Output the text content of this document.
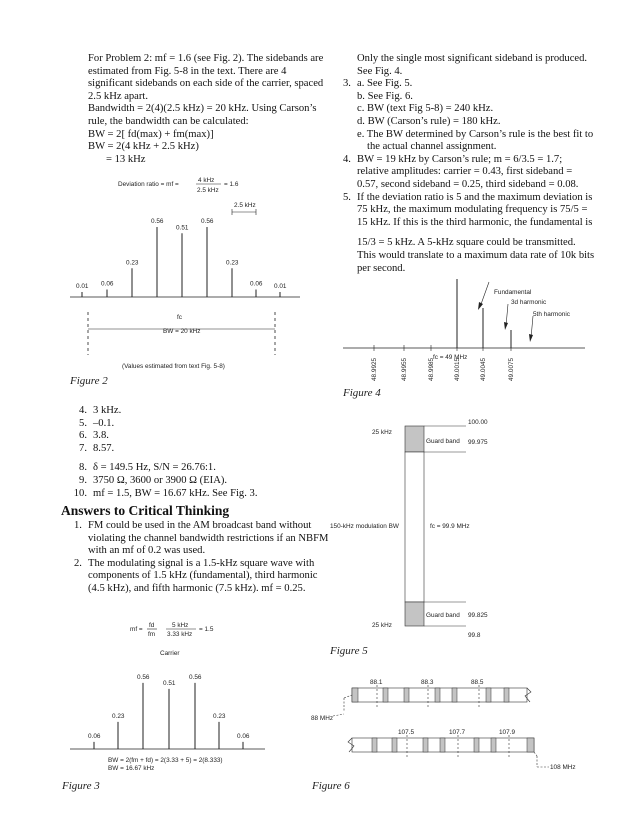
For Problem 2: mf = 1.6 (see Fig. 2). The sidebands are
estimated from Fig. 5-8 in the text. There are 4
significant sidebands on each side of the carrier, spaced
2.5 kHz apart.
Bandwidth = 2(4)(2.5 kHz) = 20 kHz. Using Carson’s
rule, the bandwidth can be calculated:
BW = 2[ fd(max) + fm(max)]
BW = 2(4 kHz + 2.5 kHz)
= 13 kHz
Only the single most significant sideband is produced.
See Fig. 4.
3. a. See Fig. 5.
b. See Fig. 6.
c. BW (text Fig 5-8) = 240 kHz.
d. BW (Carson’s rule) = 180 kHz.
e. The BW determined by Carson’s rule is the best fit to
the actual channel assignment.
4. BW = 19 kHz by Carson’s rule; m = 6/3.5 = 1.7;
relative amplitudes: carrier = 0.43, first sideband =
0.57, second sideband = 0.25, third sideband = 0.08.
5. If the deviation ratio is 5 and the maximum deviation is
75 kHz, the maximum modulating frequency is 75/5 =
15 kHz. If this is the third harmonic, the fundamental is
15/3 = 5 kHz. A 5-kHz square could be transmitted.
This would translate to a maximum data rate of 10k bits
per second.
Deviation ratio = mf =
4 kHz
2.5 kHz
= 1.6
2.5 kHz
0.01 0.06
0.23
0.56
0.51
0.56
0.23
0.06 0.01
fc
BW = 20 kHz
(Values estimated from text Fig. 5-8)
Figure 2
4. 3 kHz.
5. –0.1.
6. 3.8.
7. 8.57.
8. δ = 149.5 Hz, S/N = 26.76:1.
9. 3750 Ω, 3600 or 3900 Ω (EIA).
10. mf = 1.5, BW = 16.67 kHz. See Fig. 3.
Answers to Critical Thinking
1. FM could be used in the AM broadcast band without
violating the channel bandwidth restrictions if an NBFM
with an mf of 0.2 was used.
2. The modulating signal is a 1.5-kHz square wave with
components of 1.5 kHz (fundamental), third harmonic
(4.5 kHz), and fifth harmonic (7.5 kHz). mf = 0.25.
mf =
fd
fm
5 kHz
3.33 kHz
= 1.5
Carrier
0.06
0.23
0.56
0.51
0.56
0.23
0.06
BW = 2(fm + fd) = 2(3.33 + 5) = 2(8.333)
BW = 16.67 kHz
Figure 3
Fundamental
3d harmonic
5th harmonic
fc = 49 MHz
48.9925	48.9955	48.9985	49.0015	49.0045	49.0075
Figure 4
100.00
25 kHz
Guard band 99.975
150-kHz modulation BW	fc = 99.9 MHz
Guard band 99.825
25 kHz
99.8
Figure 5
88.1	88.3	88.5
88 MHz
107.5	107.7	107.9
108 MHz
Figure 6
